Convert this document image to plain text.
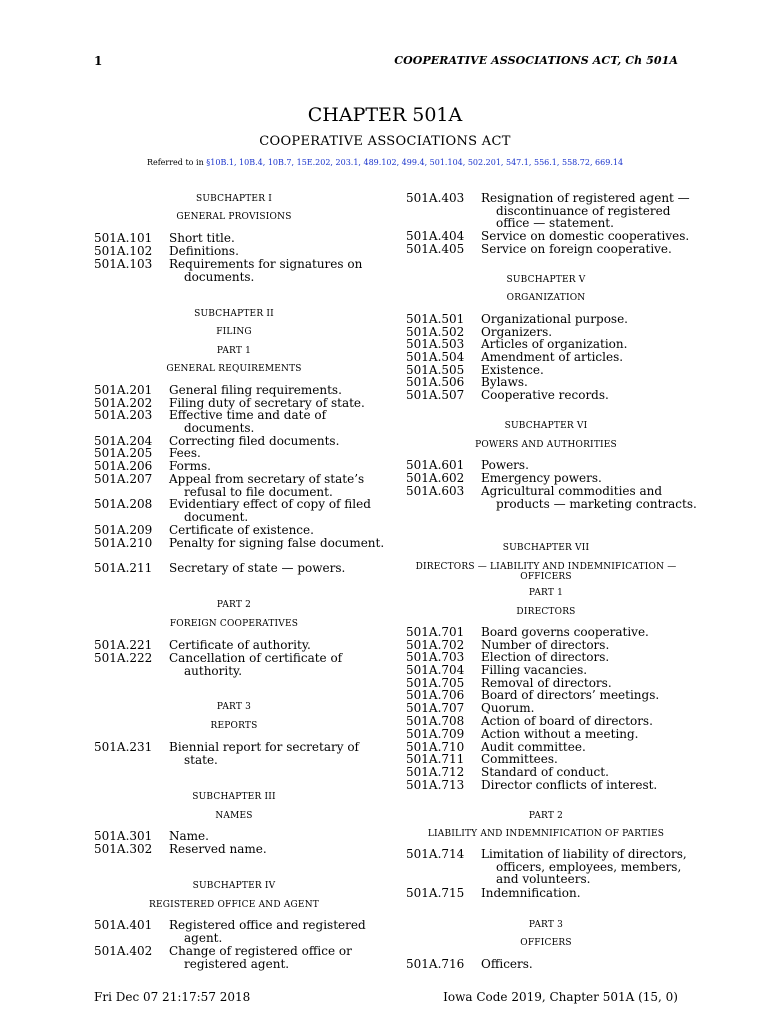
1	COOPERATIVE ASSOCIATIONS ACT, Ch 501A
CHAPTER 501A
COOPERATIVE ASSOCIATIONS ACT
Referred to in §10B.1, 10B.4, 10B.7, 15E.202, 203.1, 489.102, 499.4, 501.104, 502.201, 547.1, 556.1, 558.72, 669.14
SUBCHAPTER I
GENERAL PROVISIONS
501A.101 Short title.
501A.102 Definitions.
501A.103 Requirements for signatures on documents.
SUBCHAPTER II
FILING
PART 1
GENERAL REQUIREMENTS
501A.201 General filing requirements.
501A.202 Filing duty of secretary of state.
501A.203 Effective time and date of documents.
501A.204 Correcting filed documents.
501A.205 Fees.
501A.206 Forms.
501A.207 Appeal from secretary of state’s refusal to file document.
501A.208 Evidentiary effect of copy of filed document.
501A.209 Certificate of existence.
501A.210 Penalty for signing false document.
501A.211 Secretary of state — powers.
PART 2
FOREIGN COOPERATIVES
501A.221 Certificate of authority.
501A.222 Cancellation of certificate of authority.
PART 3
REPORTS
501A.231 Biennial report for secretary of state.
SUBCHAPTER III
NAMES
501A.301 Name.
501A.302 Reserved name.
SUBCHAPTER IV
REGISTERED OFFICE AND AGENT
501A.401 Registered office and registered agent.
501A.402 Change of registered office or registered agent.
501A.403 Resignation of registered agent — discontinuance of registered office — statement.
501A.404 Service on domestic cooperatives.
501A.405 Service on foreign cooperative.
SUBCHAPTER V
ORGANIZATION
501A.501 Organizational purpose.
501A.502 Organizers.
501A.503 Articles of organization.
501A.504 Amendment of articles.
501A.505 Existence.
501A.506 Bylaws.
501A.507 Cooperative records.
SUBCHAPTER VI
POWERS AND AUTHORITIES
501A.601 Powers.
501A.602 Emergency powers.
501A.603 Agricultural commodities and products — marketing contracts.
SUBCHAPTER VII
DIRECTORS — LIABILITY AND INDEMNIFICATION — OFFICERS
PART 1
DIRECTORS
501A.701 Board governs cooperative.
501A.702 Number of directors.
501A.703 Election of directors.
501A.704 Filling vacancies.
501A.705 Removal of directors.
501A.706 Board of directors’ meetings.
501A.707 Quorum.
501A.708 Action of board of directors.
501A.709 Action without a meeting.
501A.710 Audit committee.
501A.711 Committees.
501A.712 Standard of conduct.
501A.713 Director conflicts of interest.
PART 2
LIABILITY AND INDEMNIFICATION OF PARTIES
501A.714 Limitation of liability of directors, officers, employees, members, and volunteers.
501A.715 Indemnification.
PART 3
OFFICERS
501A.716 Officers.
Fri Dec 07 21:17:57 2018	Iowa Code 2019, Chapter 501A (15, 0)
